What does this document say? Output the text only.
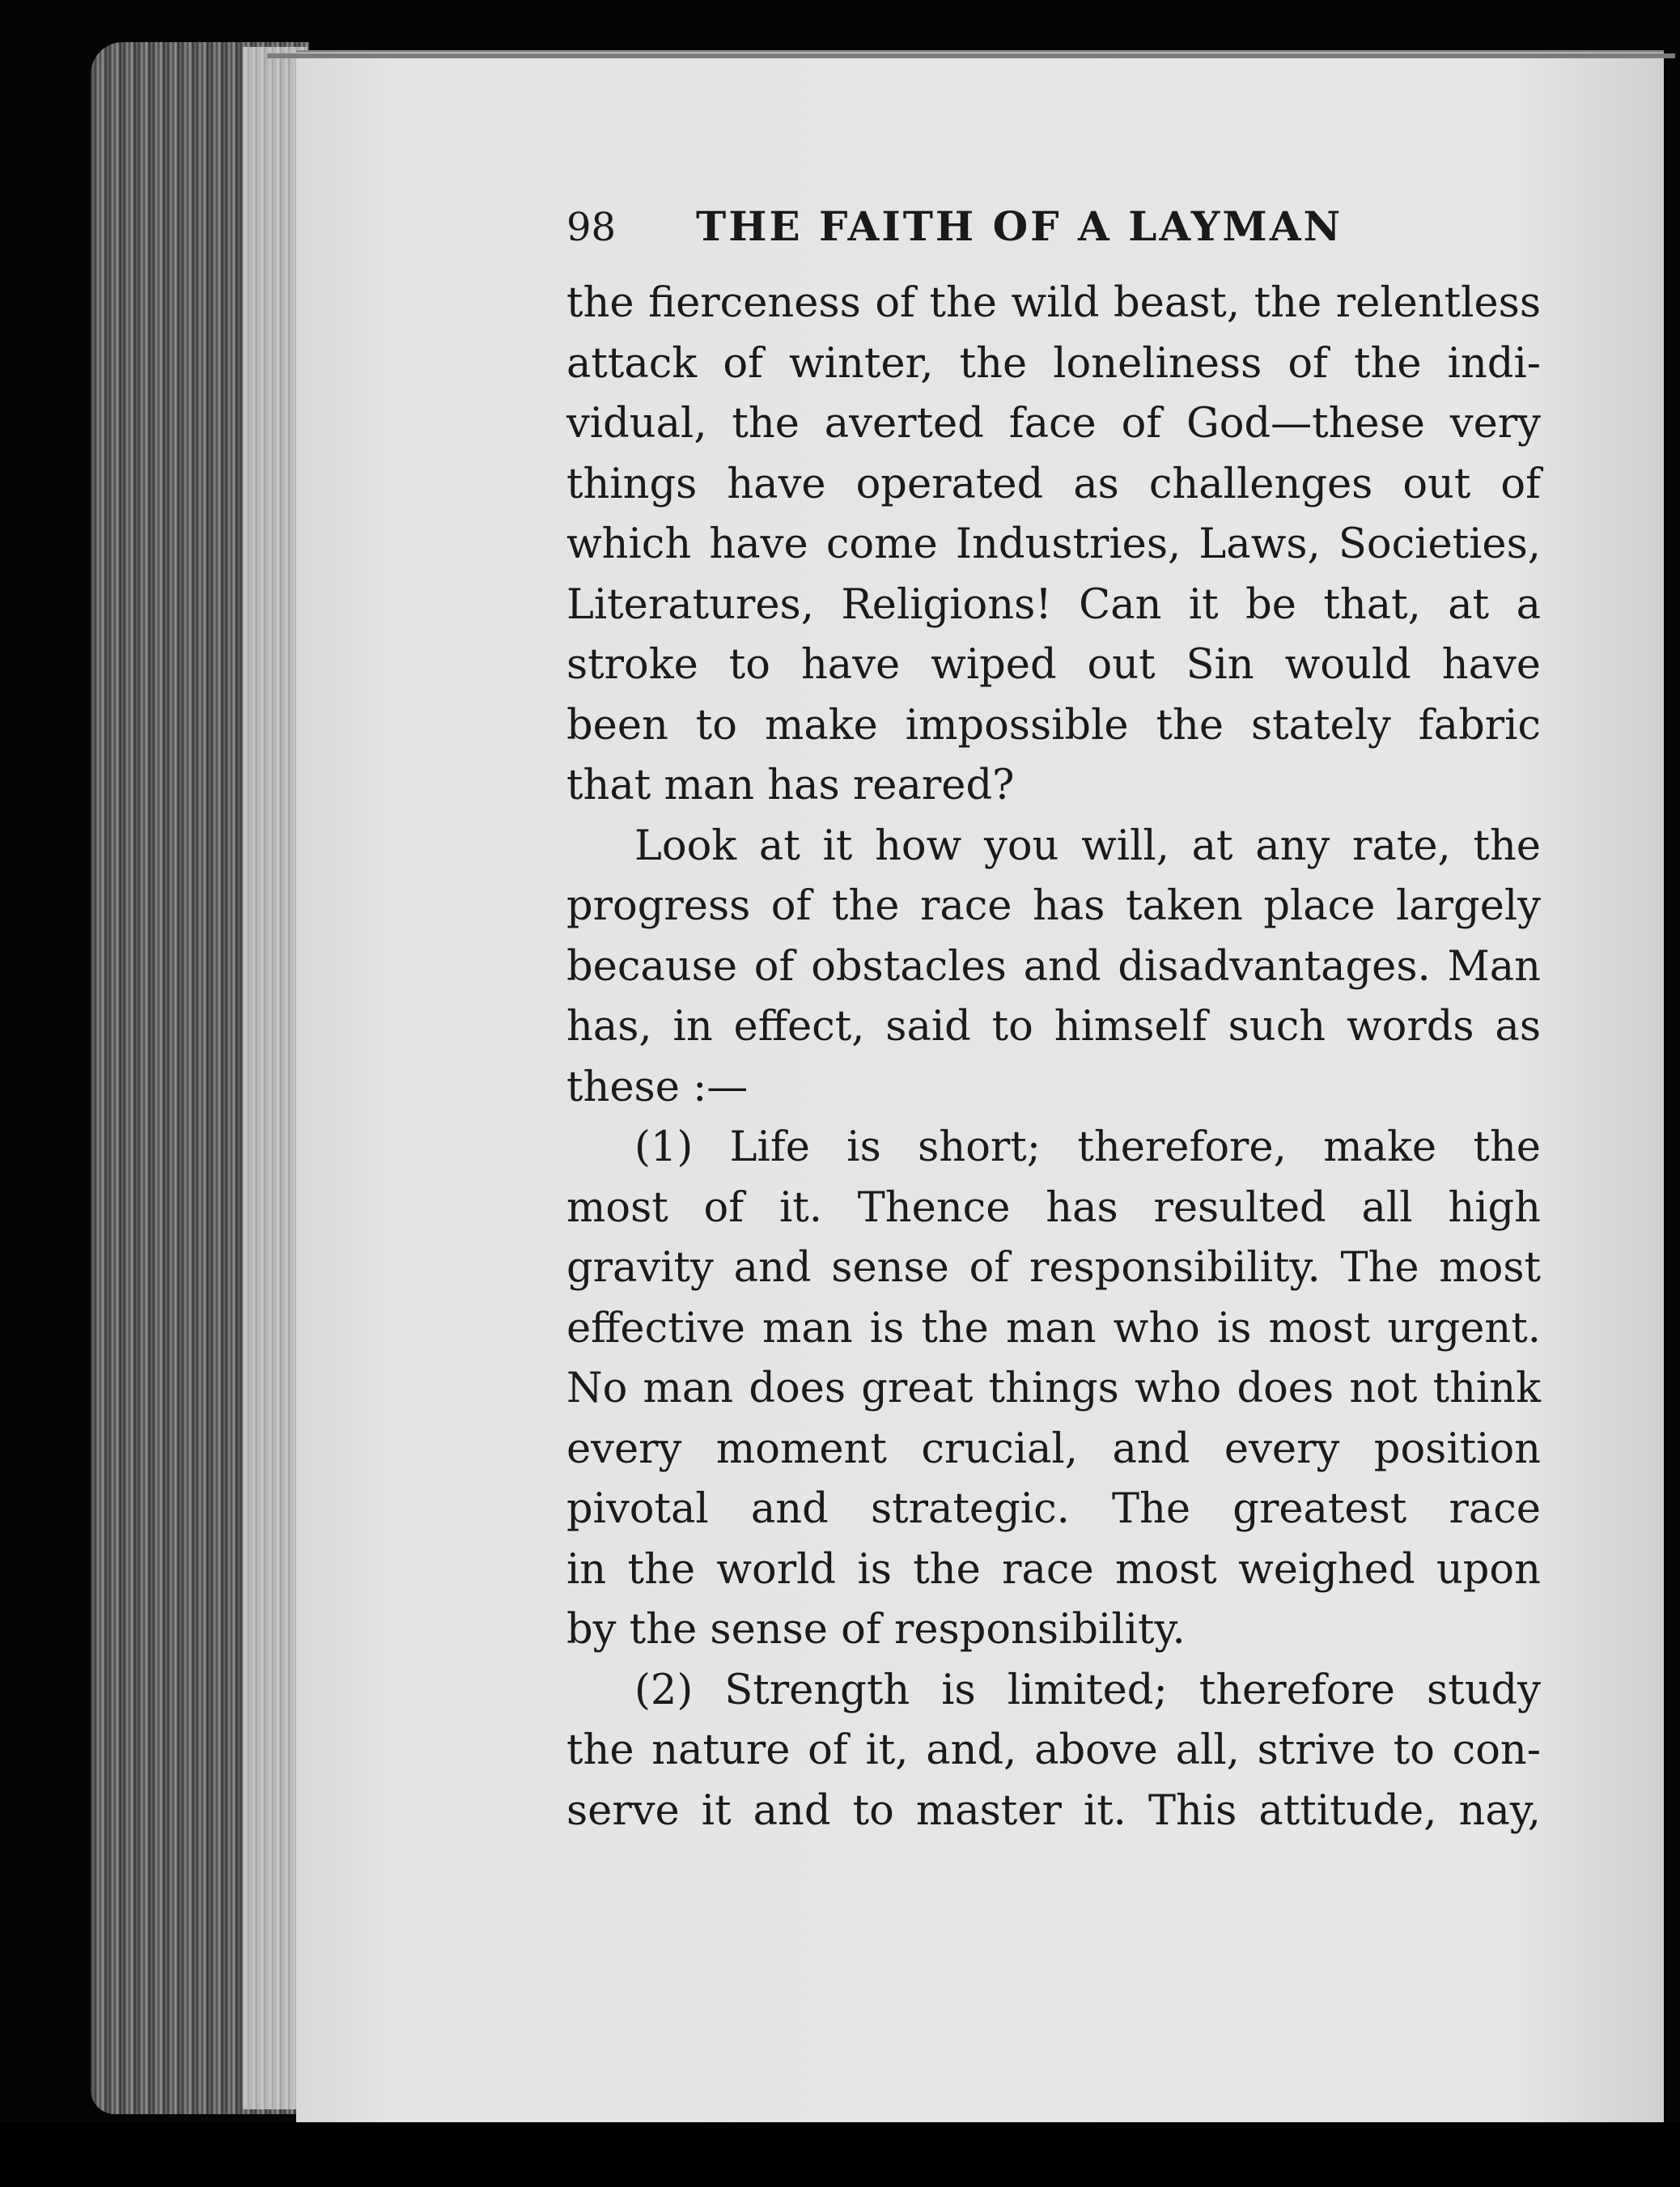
98	THE FAITH OF A LAYMAN
the fierceness of the wild beast, the relentless
attack of winter, the loneliness of the indi-
vidual, the averted face of God—these very
things have operated as challenges out of
which have come Industries, Laws, Societies,
Literatures, Religions! Can it be that, at a
stroke to have wiped out Sin would have
been to make impossible the stately fabric
that man has reared?
Look at it how you will, at any rate, the
progress of the race has taken place largely
because of obstacles and disadvantages. Man
has, in effect, said to himself such words as
these :—
(1) Life is short; therefore, make the
most of it. Thence has resulted all high
gravity and sense of responsibility. The most
effective man is the man who is most urgent.
No man does great things who does not think
every moment crucial, and every position
pivotal and strategic. The greatest race
in the world is the race most weighed upon
by the sense of responsibility.
(2) Strength is limited; therefore study
the nature of it, and, above all, strive to con-
serve it and to master it. This attitude, nay,
